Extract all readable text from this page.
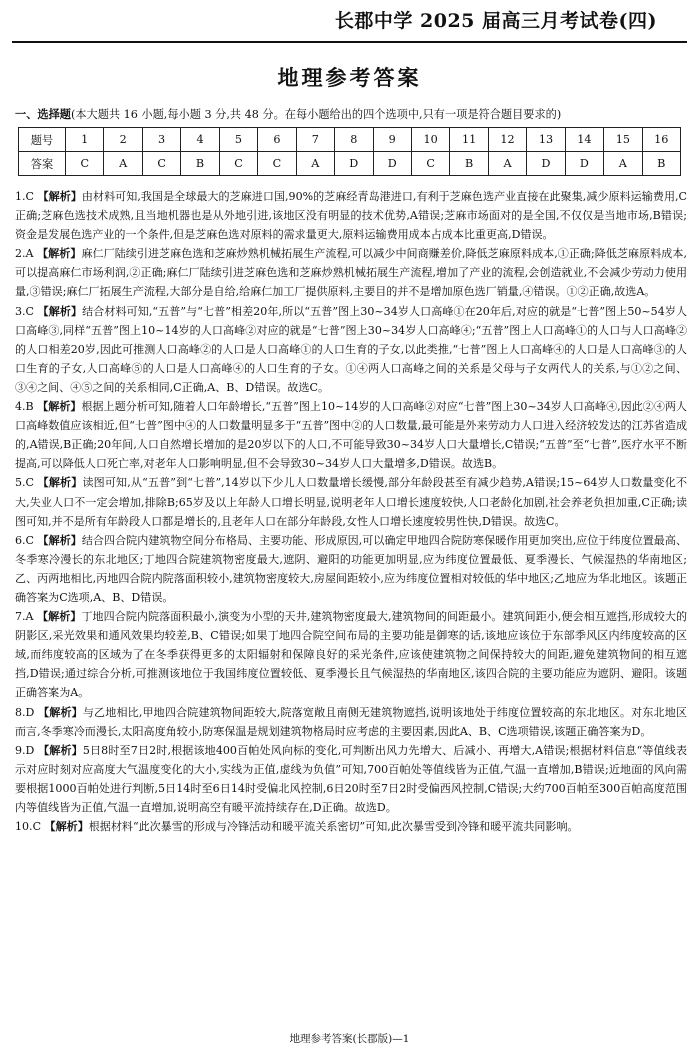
长郡中学 2025 届高三月考试卷(四)
地理参考答案
一、选择题(本大题共 16 小题,每小题 3 分,共 48 分。在每小题给出的四个选项中,只有一项是符合题目要求的)
题号	1	2	3	4	5	6	7	8	9	10	11	12	13	14	15	16
答案	C	A	C	B	C	C	A	D	D	C	B	A	D	D	A	B

1.C 【解析】由材料可知,我国是全球最大的芝麻进口国,90%的芝麻经青岛港进口,有利于芝麻色选产业直接在此聚集,减少原料运输费用,C正确;芝麻色选技术成熟,且当地机器也是从外地引进,该地区没有明显的技术优势,A错误;芝麻市场面对的是全国,不仅仅是当地市场,B错误;资金是发展色选产业的一个条件,但是芝麻色选对原料的需求量更大,原料运输费用成本占成本比重更高,D错误。

2.A 【解析】麻仁厂陆续引进芝麻色选和芝麻炒熟机械拓展生产流程,可以减少中间商赚差价,降低芝麻原料成本,①正确;降低芝麻原料成本,可以提高麻仁市场利润,②正确;麻仁厂陆续引进芝麻色选和芝麻炒熟机械拓展生产流程,增加了产业的流程,会创造就业,不会减少劳动力使用量,③错误;麻仁厂拓展生产流程,大部分是自给,给麻仁加工厂提供原料,主要目的并不是增加原色选厂销量,④错误。①②正确,故选A。

3.C 【解析】结合材料可知,“五普”与“七普”相差20年,所以“五普”图上30~34岁人口高峰①在20年后,对应的就是“七普”图上50~54岁人口高峰③,同样“五普”图上10~14岁的人口高峰②对应的就是“七普”图上30~34岁人口高峰④;“五普”图上人口高峰①的人口与人口高峰②的人口相差20岁,因此可推测人口高峰②的人口是人口高峰①的人口生育的子女,以此类推,“七普”图上人口高峰④的人口是人口高峰③的人口生育的子女,人口高峰⑤的人口是人口高峰④的人口生育的子女。①④两人口高峰之间的关系是父母与子女两代人的关系,与①②之间、③④之间、④⑤之间的关系相同,C正确,A、B、D错误。故选C。

4.B 【解析】根据上题分析可知,随着人口年龄增长,“五普”图上10~14岁的人口高峰②对应“七普”图上30~34岁人口高峰④,因此②④两人口高峰数值应该相近,但“七普”图中④的人口数量明显多于“五普”图中②的人口数量,最可能是外来劳动力人口进入经济较发达的江苏省造成的,A错误,B正确;20年间,人口自然增长增加的是20岁以下的人口,不可能导致30~34岁人口大量增长,C错误;“五普”至“七普”,医疗水平不断提高,可以降低人口死亡率,对老年人口影响明显,但不会导致30~34岁人口大量增多,D错误。故选B。

5.C 【解析】读图可知,从“五普”到“七普”,14岁以下少儿人口数量增长缓慢,部分年龄段甚至有减少趋势,A错误;15~64岁人口数量变化不大,失业人口不一定会增加,排除B;65岁及以上年龄人口增长明显,说明老年人口增长速度较快,人口老龄化加剧,社会养老负担加重,C正确;读图可知,并不是所有年龄段人口都是增长的,且老年人口在部分年龄段,女性人口增长速度较男性快,D错误。故选C。

6.C 【解析】结合四合院内建筑物空间分布格局、主要功能、形成原因,可以确定甲地四合院防寒保暖作用更加突出,应位于纬度位置最高、冬季寒冷漫长的东北地区;丁地四合院建筑物密度最大,遮阴、避阳的功能更加明显,应为纬度位置最低、夏季漫长、气候湿热的华南地区;乙、丙两地相比,丙地四合院内院落面积较小,建筑物密度较大,房屋间距较小,应为纬度位置相对较低的华中地区;乙地应为华北地区。该题正确答案为C选项,A、B、D错误。

7.A 【解析】丁地四合院内院落面积最小,演变为小型的天井,建筑物密度最大,建筑物间的间距最小。建筑间距小,便会相互遮挡,形成较大的阴影区,采光效果和通风效果均较差,B、C错误;如果丁地四合院空间布局的主要功能是御寒的话,该地应该位于东部季风区内纬度较高的区域,而纬度较高的区域为了在冬季获得更多的太阳辐射和保障良好的采光条件,应该使建筑物之间保持较大的间距,避免建筑物间的相互遮挡,D错误;通过综合分析,可推测该地位于我国纬度位置较低、夏季漫长且气候湿热的华南地区,该四合院的主要功能应为遮阴、避阳。该题正确答案为A。

8.D 【解析】与乙地相比,甲地四合院建筑物间距较大,院落宽敞且南侧无建筑物遮挡,说明该地处于纬度位置较高的东北地区。对东北地区而言,冬季寒冷而漫长,太阳高度角较小,防寒保温是规划建筑物格局时应考虑的主要因素,因此A、B、C选项错误,该题正确答案为D。

9.D 【解析】5日8时至7日2时,根据该地400百帕处风向标的变化,可判断出风力先增大、后减小、再增大,A错误;根据材料信息“等值线表示对应时刻对应高度大气温度变化的大小,实线为正值,虚线为负值”可知,700百帕处等值线皆为正值,气温一直增加,B错误;近地面的风向需要根据1000百帕处进行判断,5日14时至6日14时受偏北风控制,6日20时至7日2时受偏西风控制,C错误;大约700百帕至300百帕高度范围内等值线皆为正值,气温一直增加,说明高空有暖平流持续存在,D正确。故选D。

10.C 【解析】根据材料“此次暴雪的形成与冷锋活动和暖平流关系密切”可知,此次暴雪受到冷锋和暖平流共同影响。

地理参考答案(长郡版)—1
